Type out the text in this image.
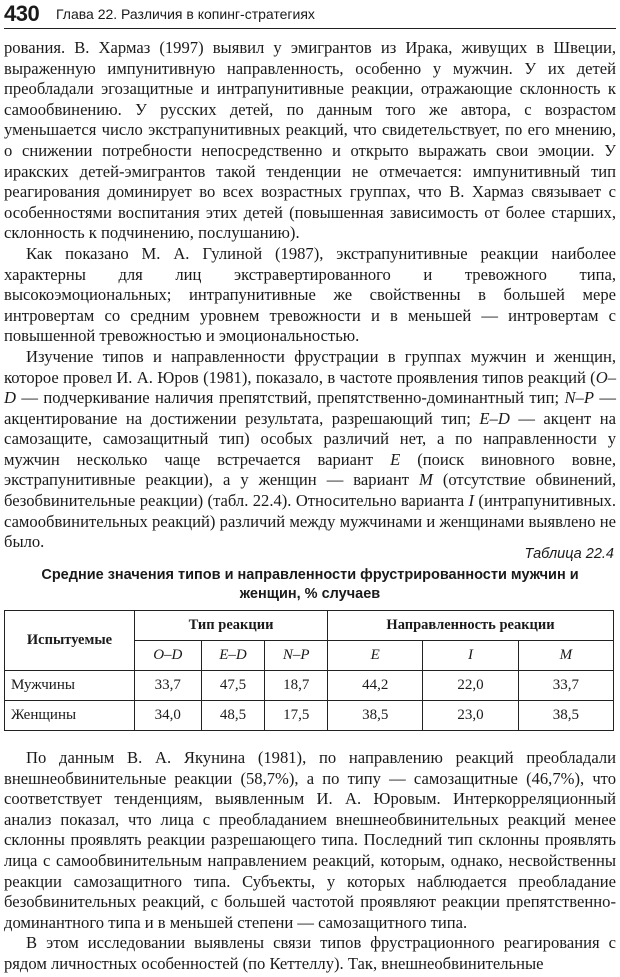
430 Глава 22. Различия в копинг-стратегиях

рования. В. Хармаз (1997) выявил у эмигрантов из Ирака, живущих в Швеции, выраженную импунитивную направленность, особенно у мужчин. У их детей преобладали эгозащитные и интрапунитивные реакции, отражающие склонность к самообвинению. У русских детей, по данным того же автора, с возрастом уменьшается число экстрапунитивных реакций, что свидетельствует, по его мнению, о снижении потребности непосредственно и открыто выражать свои эмоции. У иракских детей-эмигрантов такой тенденции не отмечается: импунитивный тип реагирования доминирует во всех возрастных группах, что В. Хармаз связывает с особенностями воспитания этих детей (повышенная зависимость от более старших, склонность к подчинению, послушанию).

Как показано М. А. Гулиной (1987), экстрапунитивные реакции наиболее характерны для лиц экстравертированного и тревожного типа, высокоэмоциональных; интрапунитивные же свойственны в большей мере интровертам со средним уровнем тревожности и в меньшей — интровертам с повышенной тревожностью и эмоциональностью.

Изучение типов и направленности фрустрации в группах мужчин и женщин, которое провел И. А. Юров (1981), показало, в частоте проявления типов реакций (O–D — подчеркивание наличия препятствий, препятственно-доминантный тип; N–P — акцентирование на достижении результата, разрешающий тип; E–D — акцент на самозащите, самозащитный тип) особых различий нет, а по направленности у мужчин несколько чаще встречается вариант E (поиск виновного вовне, экстрапунитивные реакции), а у женщин — вариант M (отсутствие обвинений, безобвинительные реакции) (табл. 22.4). Относительно варианта I (интрапунитивных. самообвинительных реакций) различий между мужчинами и женщинами выявлено не было.

Таблица 22.4
Средние значения типов и направленности фрустрированности мужчин и женщин, % случаев
Испытуемые	Тип реакции			Направленность реакции		
	O–D	E–D	N–P	E	I	M
Мужчины	33,7	47,5	18,7	44,2	22,0	33,7
Женщины	34,0	48,5	17,5	38,5	23,0	38,5

По данным В. А. Якунина (1981), по направлению реакций преобладали внешнеобвинительные реакции (58,7%), а по типу — самозащитные (46,7%), что соответствует тенденциям, выявленным И. А. Юровым. Интеркорреляционный анализ показал, что лица с преобладанием внешнеобвинительных реакций менее склонны проявлять реакции разрешающего типа. Последний тип склонны проявлять лица с самообвинительным направлением реакций, которым, однако, несвойственны реакции самозащитного типа. Субъекты, у которых наблюдается преобладание безобвинительных реакций, с большей частотой проявляют реакции препятственно-доминантного типа и в меньшей степени — самозащитного типа.

В этом исследовании выявлены связи типов фрустрационного реагирования с рядом личностных особенностей (по Кеттеллу). Так, внешнеобвинительные
